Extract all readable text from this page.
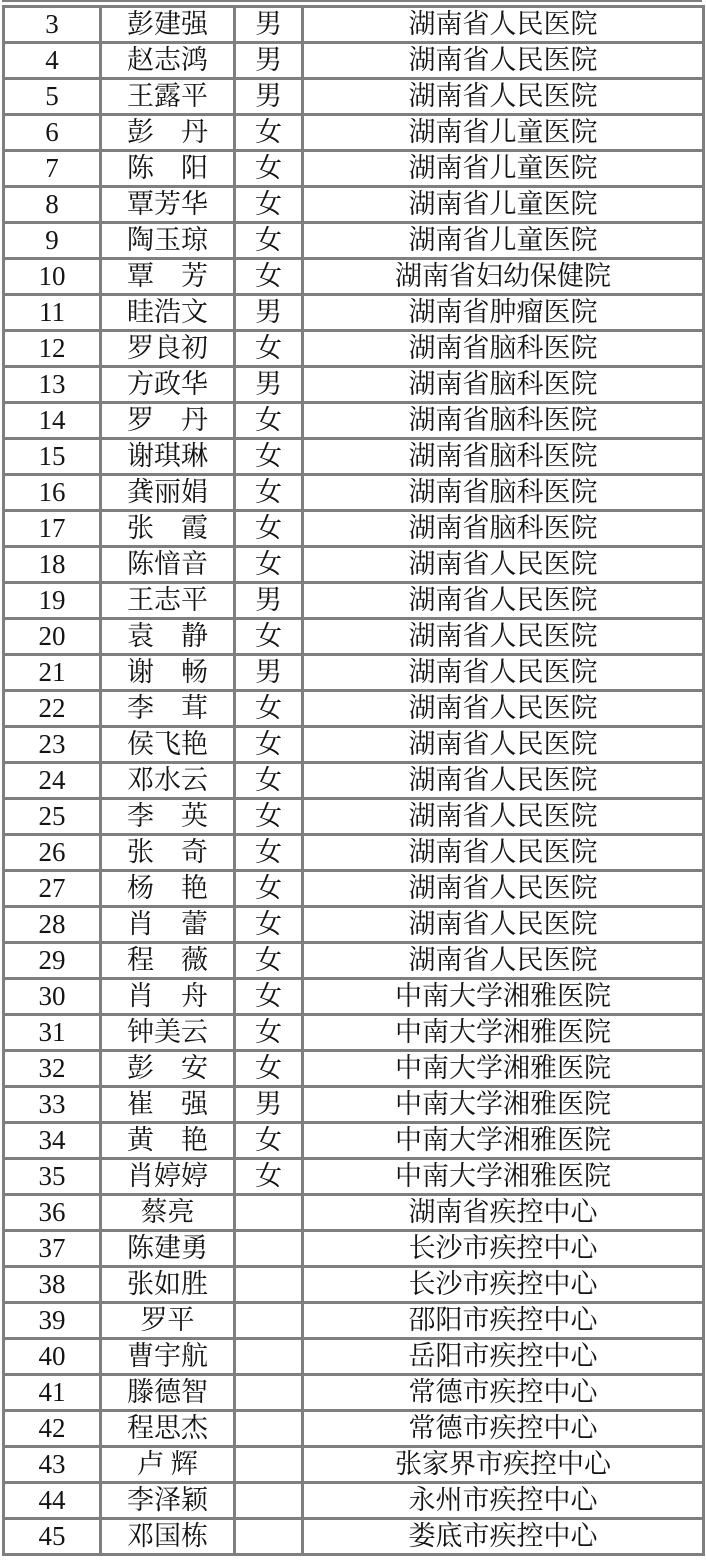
3	彭建强	男	湖南省人民医院
4	赵志鸿	男	湖南省人民医院
5	王露平	男	湖南省人民医院
6	彭　丹	女	湖南省儿童医院
7	陈　阳	女	湖南省儿童医院
8	覃芳华	女	湖南省儿童医院
9	陶玉琼	女	湖南省儿童医院
10	覃　芳	女	湖南省妇幼保健院
11	眭浩文	男	湖南省肿瘤医院
12	罗良初	女	湖南省脑科医院
13	方政华	男	湖南省脑科医院
14	罗　丹	女	湖南省脑科医院
15	谢琪琳	女	湖南省脑科医院
16	龚丽娟	女	湖南省脑科医院
17	张　霞	女	湖南省脑科医院
18	陈愔音	女	湖南省人民医院
19	王志平	男	湖南省人民医院
20	袁　静	女	湖南省人民医院
21	谢　畅	男	湖南省人民医院
22	李　茸	女	湖南省人民医院
23	侯飞艳	女	湖南省人民医院
24	邓水云	女	湖南省人民医院
25	李　英	女	湖南省人民医院
26	张　奇	女	湖南省人民医院
27	杨　艳	女	湖南省人民医院
28	肖　蕾	女	湖南省人民医院
29	程　薇	女	湖南省人民医院
30	肖　舟	女	中南大学湘雅医院
31	钟美云	女	中南大学湘雅医院
32	彭　安	女	中南大学湘雅医院
33	崔　强	男	中南大学湘雅医院
34	黄　艳	女	中南大学湘雅医院
35	肖婷婷	女	中南大学湘雅医院
36	蔡亮		湖南省疾控中心
37	陈建勇		长沙市疾控中心
38	张如胜		长沙市疾控中心
39	罗平		邵阳市疾控中心
40	曹宇航		岳阳市疾控中心
41	滕德智		常德市疾控中心
42	程思杰		常德市疾控中心
43	卢 辉		张家界市疾控中心
44	李泽颖		永州市疾控中心
45	邓国栋		娄底市疾控中心
